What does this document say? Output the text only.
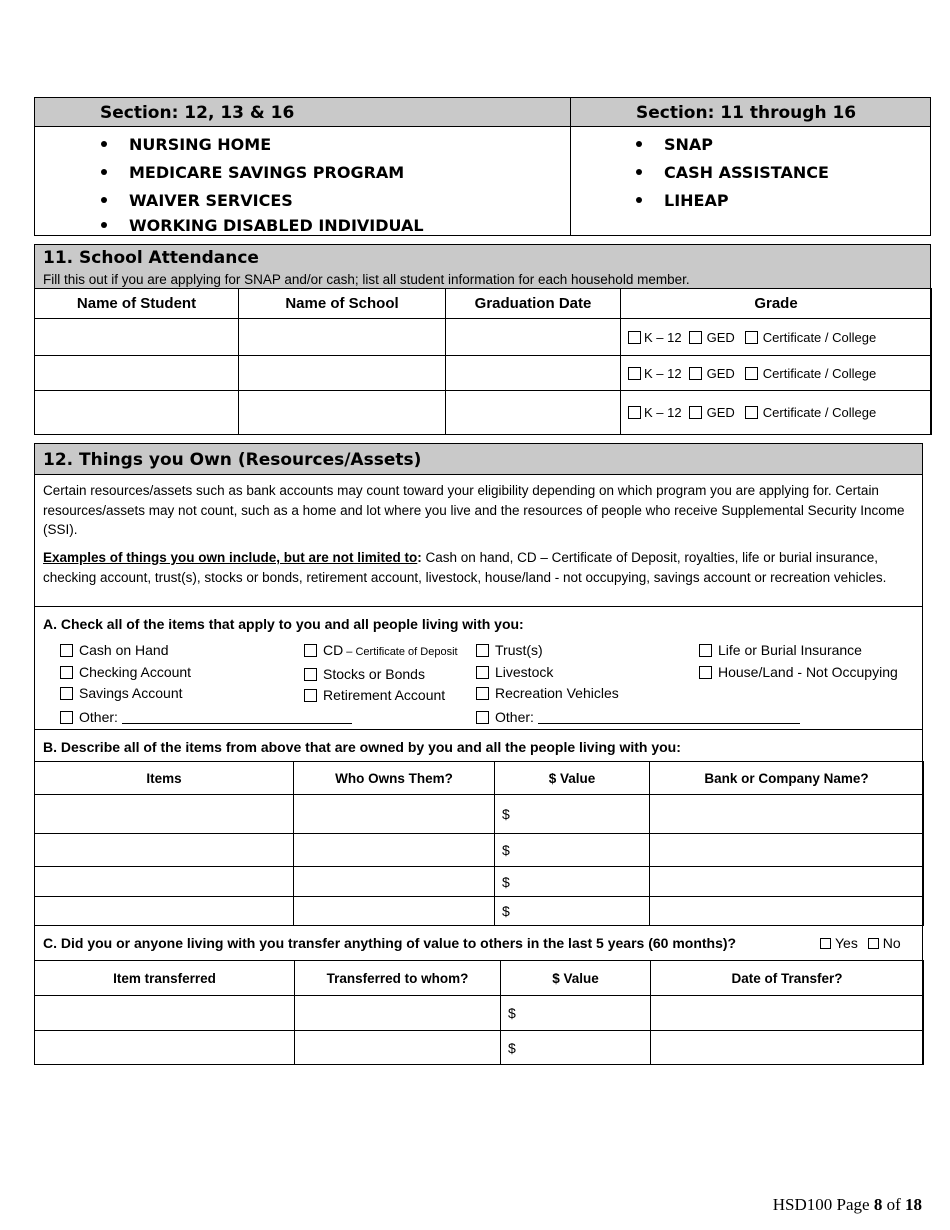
Section: 12, 13 & 16	Section: 11 through 16
NURSING HOME
MEDICARE SAVINGS PROGRAM
WAIVER SERVICES
WORKING DISABLED INDIVIDUAL
SNAP
CASH ASSISTANCE
LIHEAP
11. School Attendance
Fill this out if you are applying for SNAP and/or cash; list all student information for each household member.
Name of Student	Name of School	Graduation Date	Grade
			K – 12 GED Certificate / College
			K – 12 GED Certificate / College
			K – 12 GED Certificate / College
12. Things you Own (Resources/Assets)
Certain resources/assets such as bank accounts may count toward your eligibility depending on which program you are applying for. Certain resources/assets may not count, such as a home and lot where you live and the resources of people who receive Supplemental Security Income (SSI).
Examples of things you own include, but are not limited to: Cash on hand, CD – Certificate of Deposit, royalties, life or burial insurance, checking account, trust(s), stocks or bonds, retirement account, livestock, house/land - not occupying, savings account or recreation vehicles.
A. Check all of the items that apply to you and all people living with you:
Cash on Hand
Checking Account
Savings Account
Other:
CD – Certificate of Deposit
Stocks or Bonds
Retirement Account
Trust(s)
Livestock
Recreation Vehicles
Other:
Life or Burial Insurance
House/Land - Not Occupying
B. Describe all of the items from above that are owned by you and all the people living with you:
Items	Who Owns Them?	$ Value	Bank or Company Name?
		$	
		$	
		$	
		$	
C. Did you or anyone living with you transfer anything of value to others in the last 5 years (60 months)?	Yes No
Item transferred	Transferred to whom?	$ Value	Date of Transfer?
		$	
		$	
HSD100 Page 8 of 18
